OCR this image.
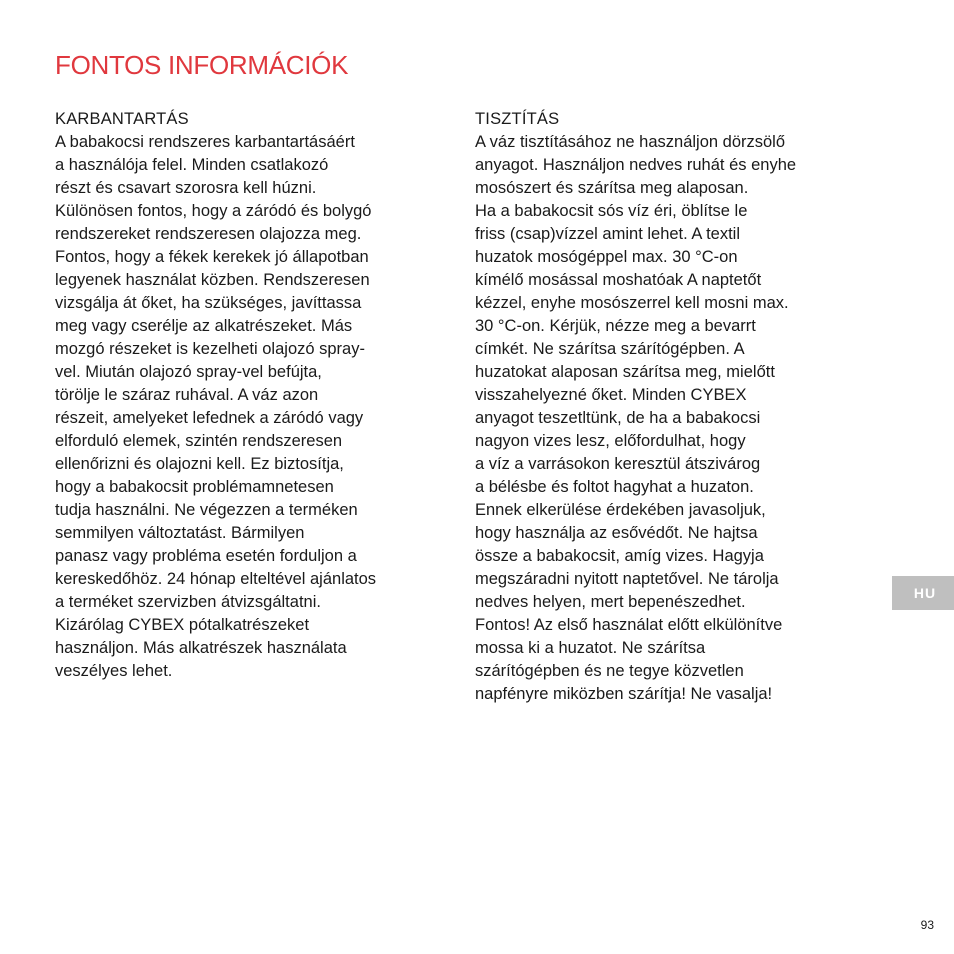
FONTOS INFORMÁCIÓK
KARBANTARTÁS
A babakocsi rendszeres karbantartásáért
a használója felel. Minden csatlakozó
részt és csavart szorosra kell húzni.
Különösen fontos, hogy a záródó és bolygó
rendszereket rendszeresen olajozza meg.
Fontos, hogy a fékek kerekek jó állapotban
legyenek használat közben. Rendszeresen
vizsgálja át őket, ha szükséges, javíttassa
meg vagy cserélje az alkatrészeket. Más
mozgó részeket is kezelheti olajozó spray-
vel. Miután olajozó spray-vel befújta,
törölje le száraz ruhával. A váz azon
részeit, amelyeket lefednek a záródó vagy
elforduló elemek, szintén rendszeresen
ellenőrizni és olajozni kell. Ez biztosítja,
hogy a babakocsit problémamnetesen
tudja használni. Ne végezzen a terméken
semmilyen változtatást. Bármilyen
panasz vagy probléma esetén forduljon a
kereskedőhöz. 24 hónap elteltével ajánlatos
a terméket szervizben átvizsgáltatni.
Kizárólag CYBEX pótalkatrészeket
használjon. Más alkatrészek használata
veszélyes lehet.
TISZTÍTÁS
A váz tisztításához ne használjon dörzsölő
anyagot. Használjon nedves ruhát és enyhe
mosószert és szárítsa meg alaposan.
Ha a babakocsit sós víz éri, öblítse le
friss (csap)vízzel amint lehet. A textil
huzatok mosógéppel max. 30 °C-on
kímélő mosással moshatóak A naptetőt
kézzel, enyhe mosószerrel kell mosni max.
30 °C-on. Kérjük, nézze meg a bevarrt
címkét. Ne szárítsa szárítógépben. A
huzatokat alaposan szárítsa meg, mielőtt
visszahelyezné őket. Minden CYBEX
anyagot teszetltünk, de ha a babakocsi
nagyon vizes lesz, előfordulhat, hogy
a víz a varrásokon keresztül átszivárog
a bélésbe és foltot hagyhat a huzaton.
Ennek elkerülése érdekében javasoljuk,
hogy használja az esővédőt. Ne hajtsa
össze a babakocsit, amíg vizes. Hagyja
megszáradni nyitott naptetővel. Ne tárolja
nedves helyen, mert bepenészedhet.
Fontos! Az első használat előtt elkülönítve
mossa ki a huzatot. Ne szárítsa
szárítógépben és ne tegye közvetlen
napfényre miközben szárítja! Ne vasalja!
HU
93
